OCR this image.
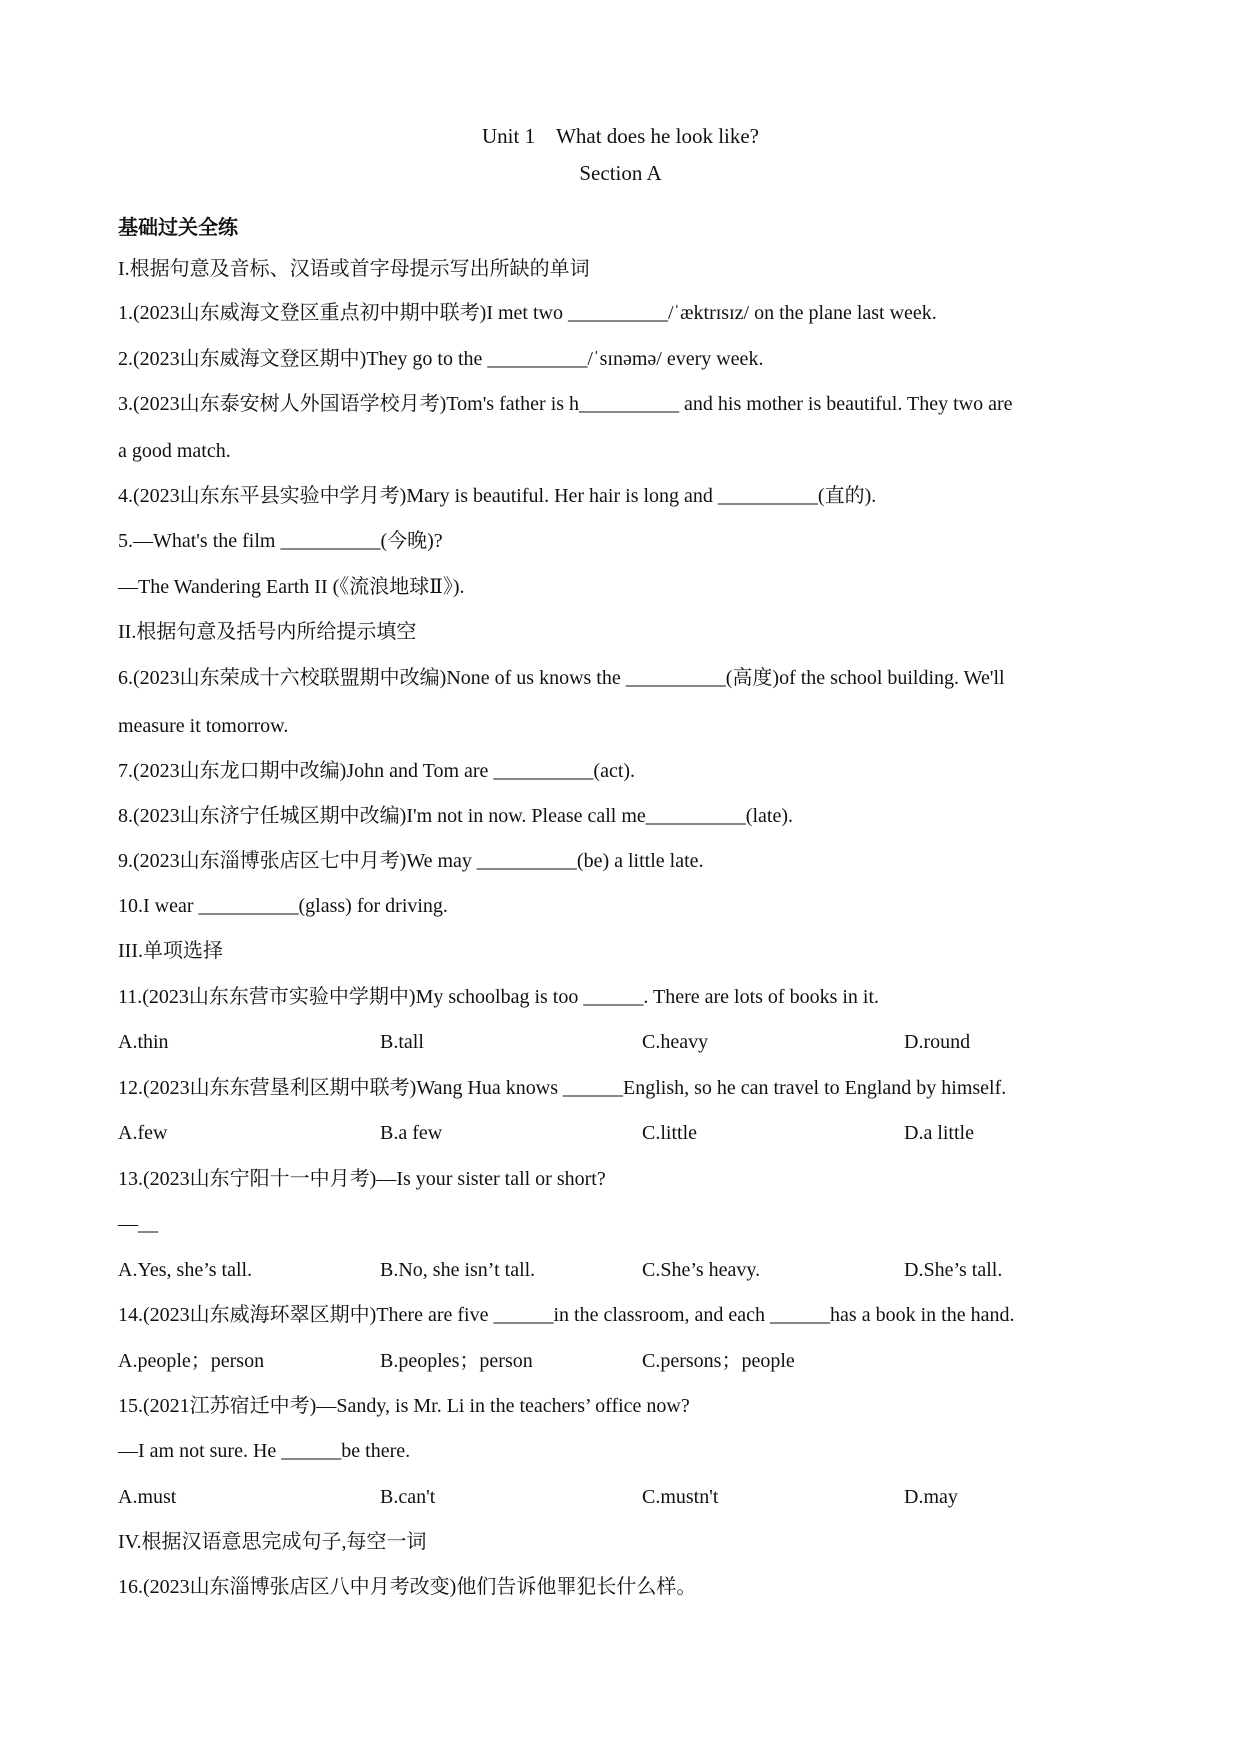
Unit 1　What does he look like?
Section A
基础过关全练
I.根据句意及音标、汉语或首字母提示写出所缺的单词
1.(2023山东威海文登区重点初中期中联考)I met two __________/ˈæktrɪsɪz/ on the plane last week.
2.(2023山东威海文登区期中)They go to the __________/ˈsɪnəmə/ every week.
3.(2023山东泰安树人外国语学校月考)Tom's father is h__________ and his mother is beautiful. They two are
a good match.
4.(2023山东东平县实验中学月考)Mary is beautiful. Her hair is long and __________(直的).
5.—What's the film __________(今晚)?
—The Wandering Earth II (《流浪地球Ⅱ》).
II.根据句意及括号内所给提示填空
6.(2023山东荣成十六校联盟期中改编)None of us knows the __________(高度)of the school building. We'll
measure it tomorrow.
7.(2023山东龙口期中改编)John and Tom are __________(act).
8.(2023山东济宁任城区期中改编)I'm not in now. Please call me__________(late).
9.(2023山东淄博张店区七中月考)We may __________(be) a little late.
10.I wear __________(glass) for driving.
III.单项选择
11.(2023山东东营市实验中学期中)My schoolbag is too ______. There are lots of books in it.
A.thin	B.tall	C.heavy	D.round
12.(2023山东东营垦利区期中联考)Wang Hua knows ______English, so he can travel to England by himself.
A.few	B.a few	C.little	D.a little
13.(2023山东宁阳十一中月考)—Is your sister tall or short?
—__
A.Yes, she’s tall.	B.No, she isn’t tall.	C.She’s heavy.	D.She’s tall.
14.(2023山东威海环翠区期中)There are five ______in the classroom, and each ______has a book in the hand.
A.people；person	B.peoples；person	C.persons；people
15.(2021江苏宿迁中考)—Sandy, is Mr. Li in the teachers’ office now?
—I am not sure. He ______be there.
A.must	B.can't	C.mustn't	D.may
IV.根据汉语意思完成句子,每空一词
16.(2023山东淄博张店区八中月考改变)他们告诉他罪犯长什么样。
